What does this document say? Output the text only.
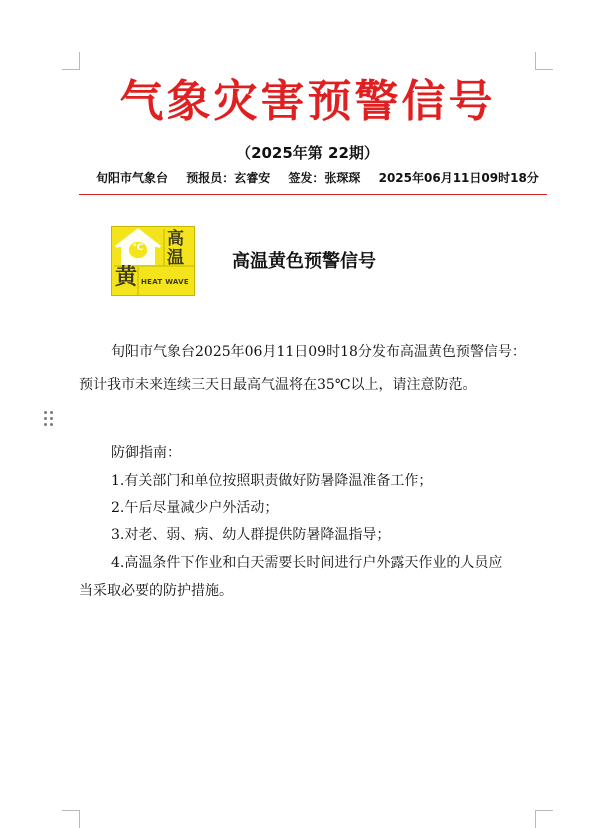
气象灾害预警信号
（2025年第 22期）
旬阳市气象台 预报员：玄睿安 签发：张琛琛 2025年06月11日09时18分
℃	高
温
黄 HEAT WAVE
高温黄色预警信号
旬阳市气象台2025年06月11日09时18分发布高温黄色预警信号：
预计我市未来连续三天日最高气温将在35℃以上，请注意防范。
防御指南：
1.有关部门和单位按照职责做好防暑降温准备工作；
2.午后尽量减少户外活动；
3.对老、弱、病、幼人群提供防暑降温指导；
4.高温条件下作业和白天需要长时间进行户外露天作业的人员应
当采取必要的防护措施。
